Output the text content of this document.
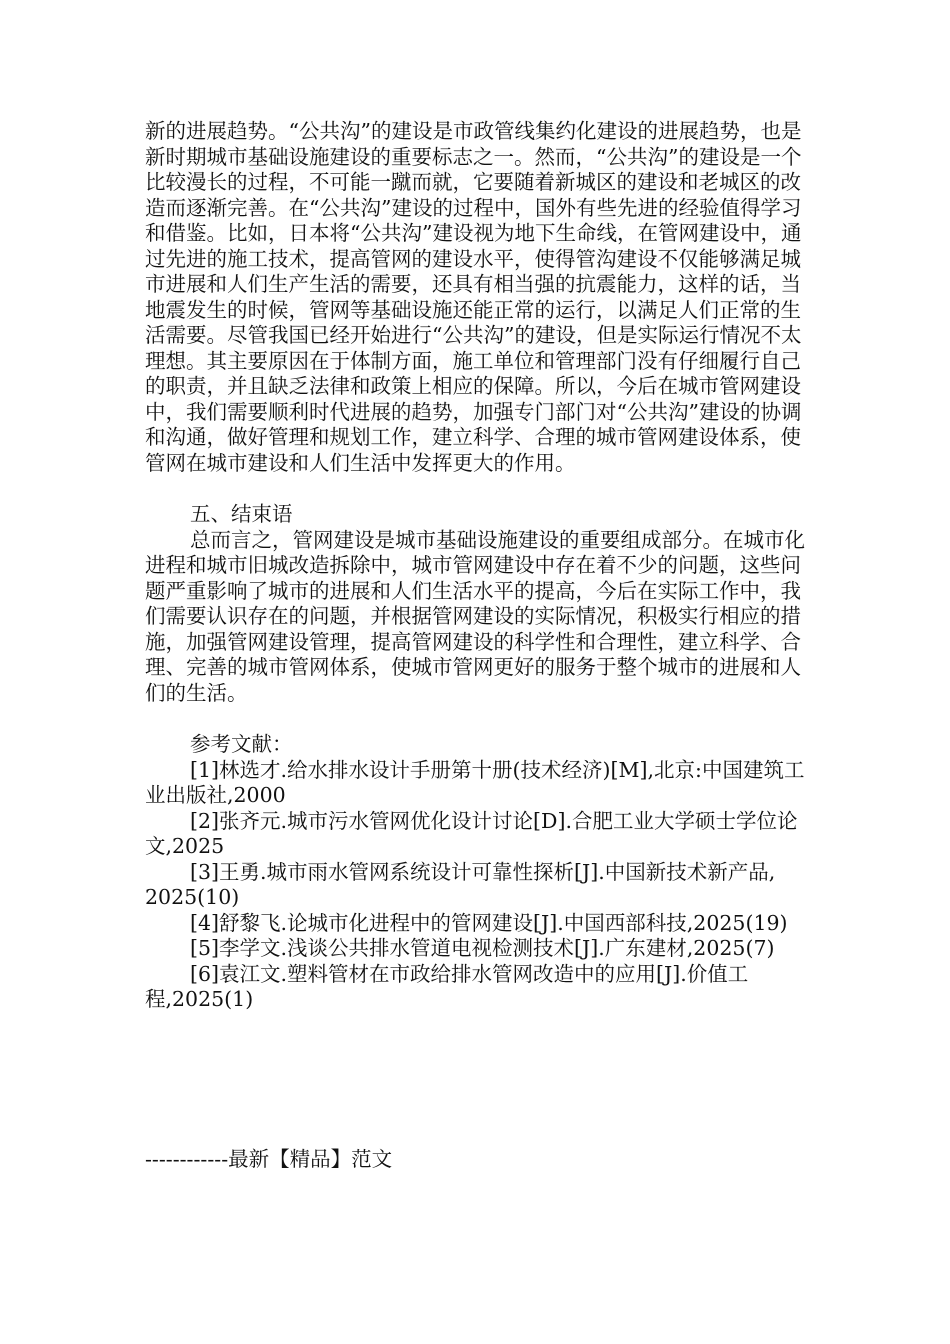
新的进展趋势。“公共沟”的建设是市政管线集约化建设的进展趋势，也是新时期城市基础设施建设的重要标志之一。然而，“公共沟”的建设是一个比较漫长的过程，不可能一蹴而就，它要随着新城区的建设和老城区的改造而逐渐完善。在“公共沟”建设的过程中，国外有些先进的经验值得学习和借鉴。比如，日本将“公共沟”建设视为地下生命线，在管网建设中，通过先进的施工技术，提高管网的建设水平，使得管沟建设不仅能够满足城市进展和人们生产生活的需要，还具有相当强的抗震能力，这样的话，当地震发生的时候，管网等基础设施还能正常的运行，以满足人们正常的生活需要。尽管我国已经开始进行“公共沟”的建设，但是实际运行情况不太理想。其主要原因在于体制方面，施工单位和管理部门没有仔细履行自己的职责，并且缺乏法律和政策上相应的保障。所以，今后在城市管网建设中，我们需要顺利时代进展的趋势，加强专门部门对“公共沟”建设的协调和沟通，做好管理和规划工作，建立科学、合理的城市管网建设体系，使管网在城市建设和人们生活中发挥更大的作用。

五、结束语

总而言之，管网建设是城市基础设施建设的重要组成部分。在城市化进程和城市旧城改造拆除中，城市管网建设中存在着不少的问题，这些问题严重影响了城市的进展和人们生活水平的提高，今后在实际工作中，我们需要认识存在的问题，并根据管网建设的实际情况，积极实行相应的措施，加强管网建设管理，提高管网建设的科学性和合理性，建立科学、合理、完善的城市管网体系，使城市管网更好的服务于整个城市的进展和人们的生活。

参考文献：

[1]林选才.给水排水设计手册第十册(技术经济)[M],北京:中国建筑工业出版社,2000

[2]张齐元.城市污水管网优化设计讨论[D].合肥工业大学硕士学位论文,2025

[3]王勇.城市雨水管网系统设计可靠性探析[J].中国新技术新产品, 2025(10)

[4]舒黎飞.论城市化进程中的管网建设[J].中国西部科技,2025(19)

[5]李学文.浅谈公共排水管道电视检测技术[J].广东建材,2025(7)

[6]袁江文.塑料管材在市政给排水管网改造中的应用[J].价值工程,2025(1)

------------最新【精品】范文
